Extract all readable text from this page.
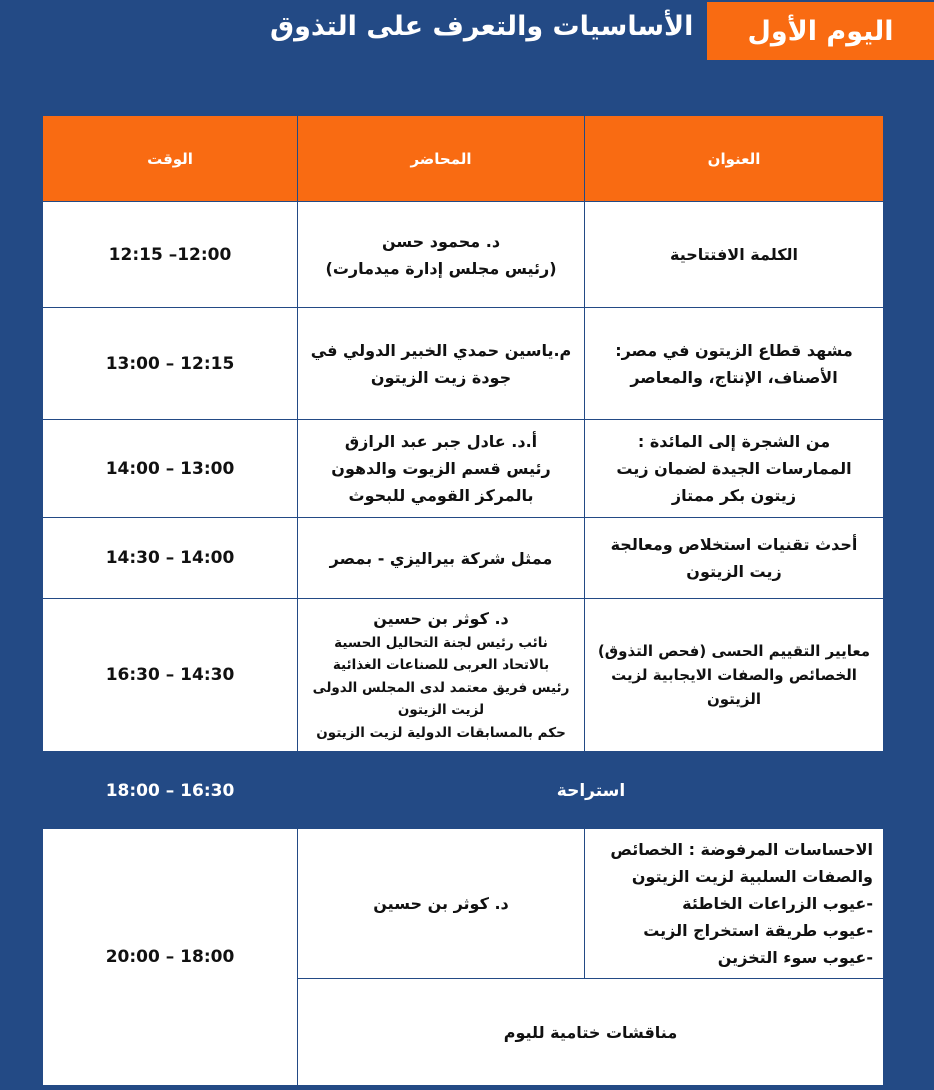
اليوم الأول
الأساسيات والتعرف على التذوق
العنوان
المحاضر
الوقت
الكلمة الافتتاحية
د. محمود حسن
(رئيس مجلس إدارة ميدمارت)
12:15 –12:00
مشهد قطاع الزيتون في مصر:
الأصناف، الإنتاج، والمعاصر
م.ياسين حمدي الخبير الدولي في
جودة زيت الزيتون
13:00 – 12:15
من الشجرة إلى المائدة :
الممارسات الجيدة لضمان زيت
زيتون بكر ممتاز
أ.د. عادل جبر عبد الرازق
رئيس قسم الزيوت والدهون
بالمركز القومي للبحوث
14:00 – 13:00
أحدث تقنيات استخلاص ومعالجة
زيت الزيتون
ممثل شركة بيراليزي - بمصر
14:30 – 14:00
معايير التقييم الحسى (فحص التذوق)
الخصائص والصفات الايجابية لزيت
الزيتون
د. كوثر بن حسين
نائب رئيس لجنة التحاليل الحسية
بالاتحاد العربى للصناعات الغذائية
رئيس فريق معتمد لدى المجلس الدولى
لزيت الزيتون
حكم بالمسابقات الدولية لزيت الزيتون
16:30 – 14:30
استراحة
18:00 – 16:30
الاحساسات المرفوضة : الخصائص
والصفات السلبية لزيت الزيتون
-عيوب الزراعات الخاطئة
-عيوب طريقة استخراج الزيت
-عيوب سوء التخزين
د. كوثر بن حسين
مناقشات ختامية لليوم
20:00 – 18:00
